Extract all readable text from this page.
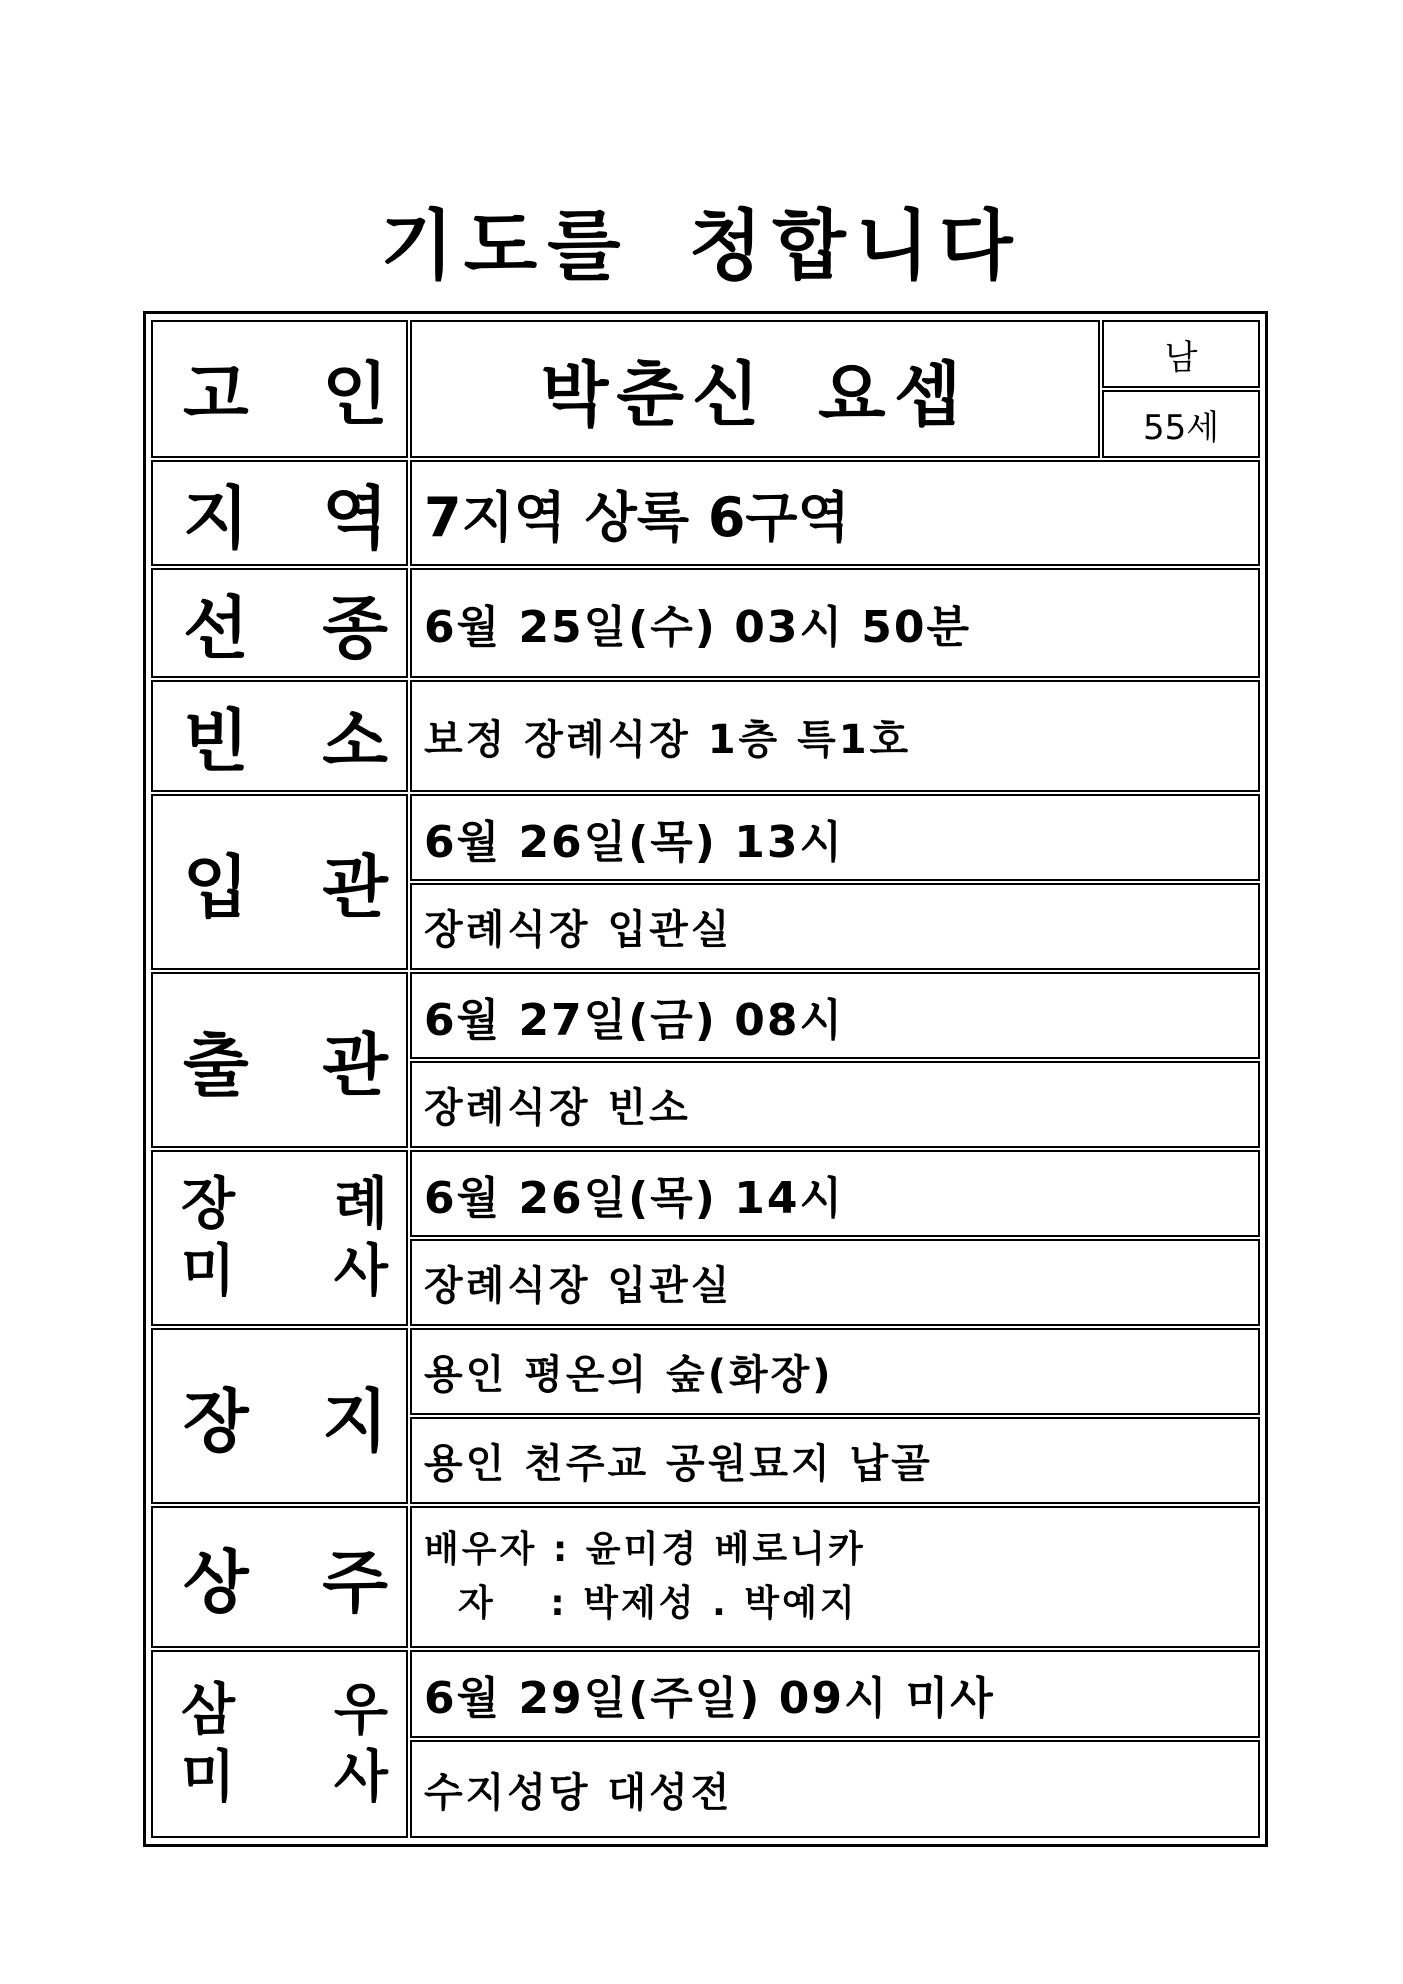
기도를 청합니다
고 인	박춘신 요셉	남
55세
지 역 7지역 상록 6구역
선 종 6월 25일(수) 03시 50분
빈 소 보정 장례식장 1층 특1호
입 관
6월 26일(목) 13시
장례식장 입관실
출 관
6월 27일(금) 08시
장례식장 빈소
장 례
미 사
6월 26일(목) 14시
장례식장 입관실
장 지
용인 평온의 숲(화장)
용인 천주교 공원묘지 납골
상 주 배우자 : 윤미경 베로니카
자　 : 박제성 . 박예지
삼 우
미 사
6월 29일(주일) 09시 미사
수지성당 대성전
